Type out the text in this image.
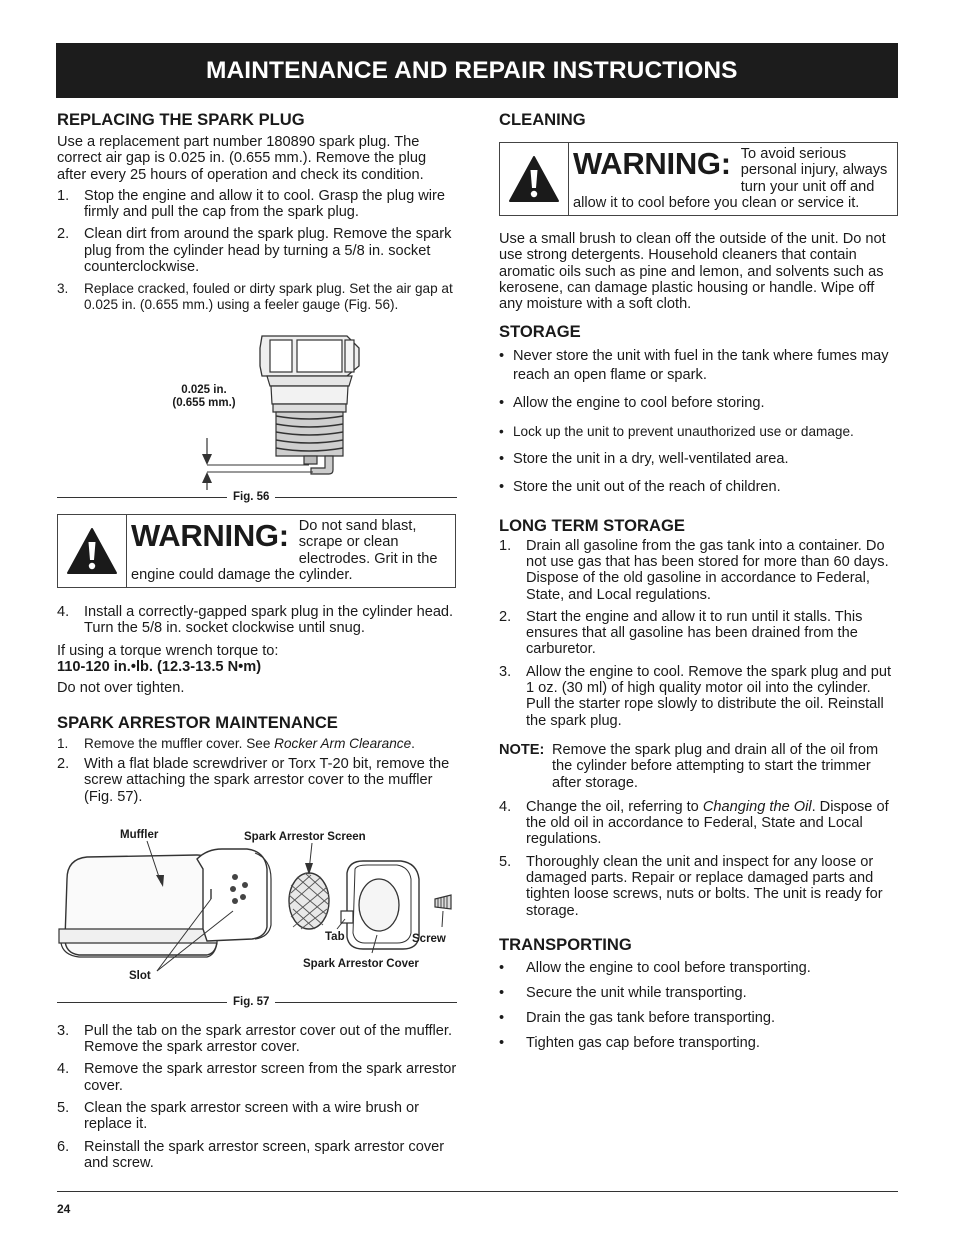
MAINTENANCE AND REPAIR INSTRUCTIONS
REPLACING THE SPARK PLUG

Use a replacement part number 180890 spark plug. The correct air gap is 0.025 in. (0.655 mm.). Remove the plug after every 25 hours of operation and check its condition.

1. Stop the engine and allow it to cool. Grasp the plug wire firmly and pull the cap from the spark plug.
2. Clean dirt from around the spark plug. Remove the spark plug from the cylinder head by turning a 5/8 in. socket counterclockwise.
3. Replace cracked, fouled or dirty spark plug. Set the air gap at 0.025 in. (0.655 mm.) using a feeler gauge (Fig. 56).
0.025 in.
(0.655 mm.)
Fig. 56
WARNING: Do not sand blast, scrape or clean electrodes. Grit in the engine could damage the cylinder.
4. Install a correctly-gapped spark plug in the cylinder head. Turn the 5/8 in. socket clockwise until snug.

If using a torque wrench torque to:

110-120 in.•lb. (12.3-13.5 N•m)

Do not over tighten.

SPARK ARRESTOR MAINTENANCE
1. Remove the muffler cover. See Rocker Arm Clearance.
2. With a flat blade screwdriver or Torx T-20 bit, remove the screw attaching the spark arrestor cover to the muffler (Fig. 57).
Muffler	Spark Arrestor Screen
Tab	Screw
Spark Arrestor Cover
Slot
Fig. 57
3. Pull the tab on the spark arrestor cover out of the muffler. Remove the spark arrestor cover.
4. Remove the spark arrestor screen from the spark arrestor cover.
5. Clean the spark arrestor screen with a wire brush or replace it.
6. Reinstall the spark arrestor screen, spark arrestor cover and screw.
CLEANING
WARNING: To avoid serious personal injury, always turn your unit off and allow it to cool before you clean or service it.

Use a small brush to clean off the outside of the unit. Do not use strong detergents. Household cleaners that contain aromatic oils such as pine and lemon, and solvents such as kerosene, can damage plastic housing or handle. Wipe off any moisture with a soft cloth.

STORAGE
• Never store the unit with fuel in the tank where fumes may reach an open flame or spark.
• Allow the engine to cool before storing.
• Lock up the unit to prevent unauthorized use or damage.
• Store the unit in a dry, well-ventilated area.
• Store the unit out of the reach of children.
LONG TERM STORAGE
1. Drain all gasoline from the gas tank into a container. Do not use gas that has been stored for more than 60 days. Dispose of the old gasoline in accordance to Federal, State, and Local regulations.
2. Start the engine and allow it to run until it stalls. This ensures that all gasoline has been drained from the carburetor.
3. Allow the engine to cool. Remove the spark plug and put 1 oz. (30 ml) of high quality motor oil into the cylinder. Pull the starter rope slowly to distribute the oil. Reinstall the spark plug.
NOTE: Remove the spark plug and drain all of the oil from the cylinder before attempting to start the trimmer after storage.
4. Change the oil, referring to Changing the Oil. Dispose of the old oil in accordance to Federal, State and Local regulations.
5. Thoroughly clean the unit and inspect for any loose or damaged parts. Repair or replace damaged parts and tighten loose screws, nuts or bolts. The unit is ready for storage.
TRANSPORTING
• Allow the engine to cool before transporting.
• Secure the unit while transporting.
• Drain the gas tank before transporting.
• Tighten gas cap before transporting.
24
